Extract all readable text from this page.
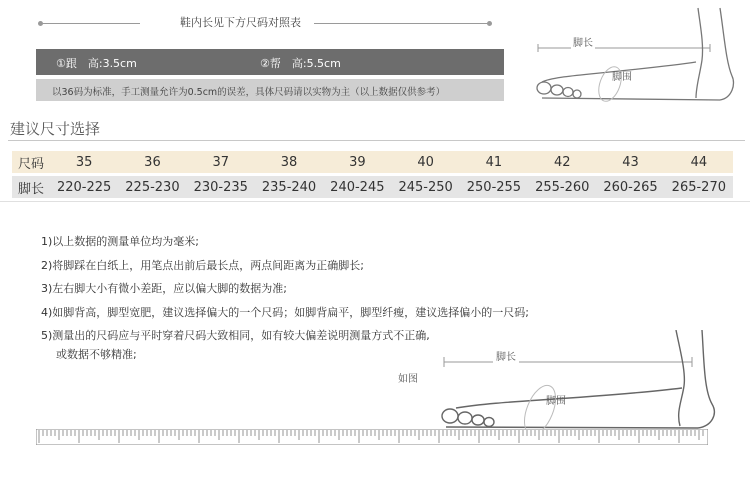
鞋内长见下方尺码对照表
①跟　高:3.5cm	②帮　高:5.5cm
以36码为标准，手工测量允许为0.5cm的误差，具体尺码请以实物为主（以上数据仅供参考）
脚长
脚围
建议尺寸选择
尺码	35	36	37	38	39	40	41	42	43	44

脚长	220-225	225-230	230-235	235-240	240-245	245-250	250-255	255-260	260-265	265-270
1)以上数据的测量单位均为毫米;
2)将脚踩在白纸上，用笔点出前后最长点，两点间距离为正确脚长;
3)左右脚大小有微小差距，应以偏大脚的数据为准;
4)如脚背高，脚型宽肥，建议选择偏大的一个尺码；如脚背扁平，脚型纤瘦，建议选择偏小的一尺码;
5)测量出的尺码应与平时穿着尺码大致相同，如有较大偏差说明测量方式不正确,
或数据不够精准;	脚长
如图
脚围
